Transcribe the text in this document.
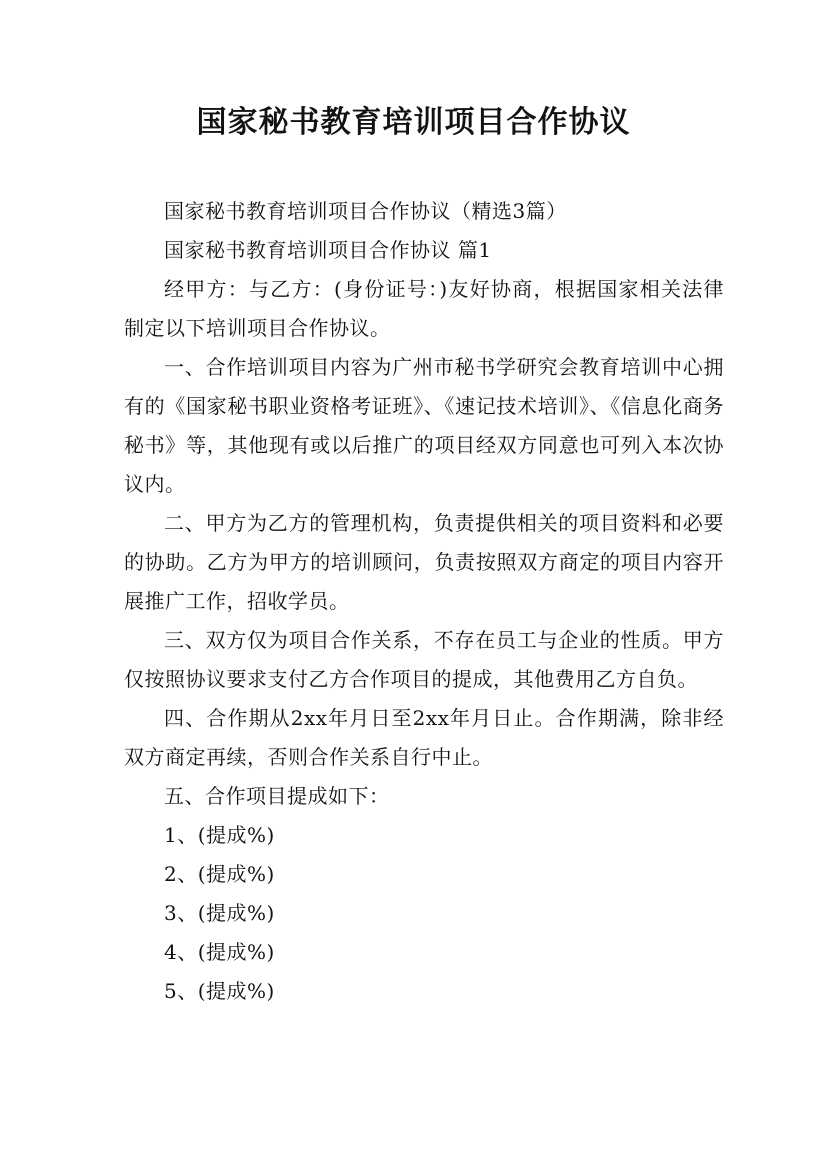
国家秘书教育培训项目合作协议

国家秘书教育培训项目合作协议（精选3篇）

国家秘书教育培训项目合作协议 篇1

经甲方：与乙方：(身份证号：)友好协商，根据国家相关法律制定以下培训项目合作协议。

一、合作培训项目内容为广州市秘书学研究会教育培训中心拥有的《国家秘书职业资格考证班》、《速记技术培训》、《信息化商务秘书》等，其他现有或以后推广的项目经双方同意也可列入本次协议内。

二、甲方为乙方的管理机构，负责提供相关的项目资料和必要的协助。乙方为甲方的培训顾问，负责按照双方商定的项目内容开展推广工作，招收学员。

三、双方仅为项目合作关系，不存在员工与企业的性质。甲方仅按照协议要求支付乙方合作项目的提成，其他费用乙方自负。

四、合作期从2xx年月日至2xx年月日止。合作期满，除非经双方商定再续，否则合作关系自行中止。

五、合作项目提成如下：

1、(提成%)

2、(提成%)

3、(提成%)

4、(提成%)

5、(提成%)
